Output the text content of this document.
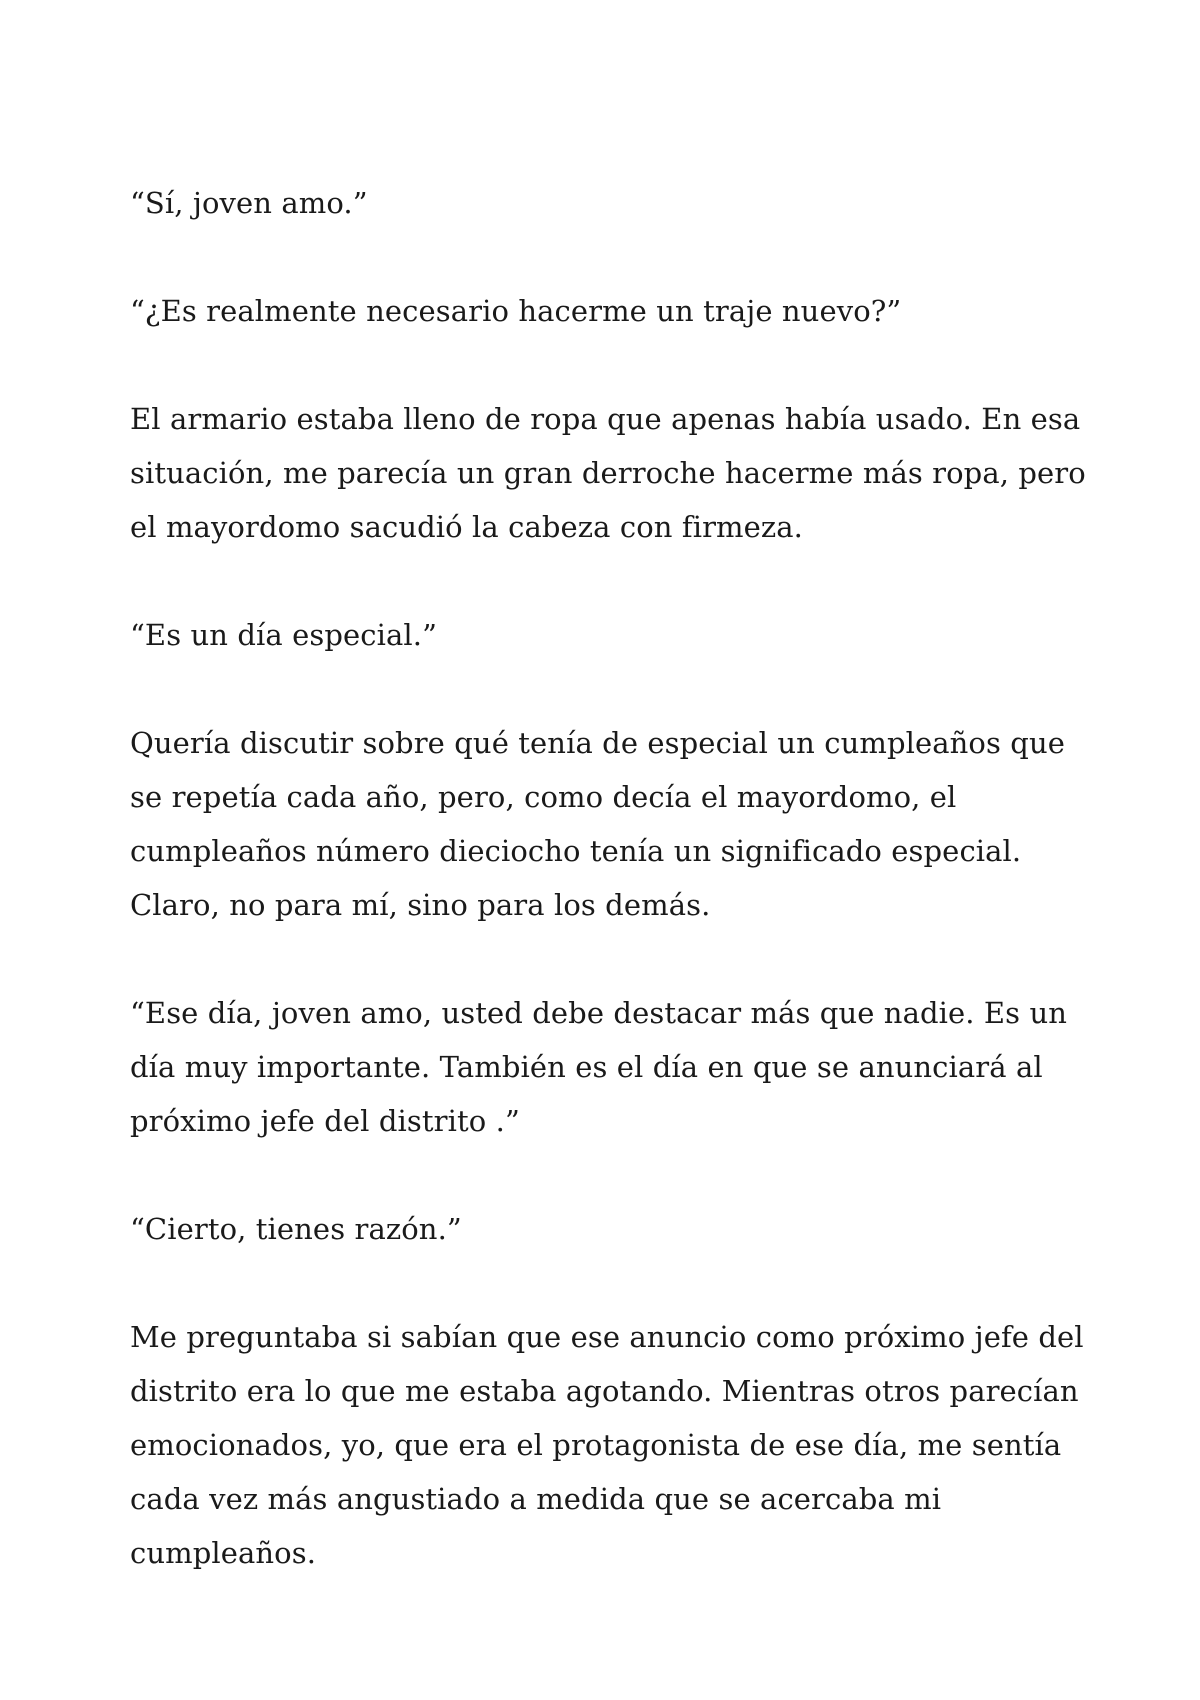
“Sí, joven amo.”

“¿Es realmente necesario hacerme un traje nuevo?”

El armario estaba lleno de ropa que apenas había usado. En esa situación, me parecía un gran derroche hacerme más ropa, pero el mayordomo sacudió la cabeza con firmeza.

“Es un día especial.”

Quería discutir sobre qué tenía de especial un cumpleaños que se repetía cada año, pero, como decía el mayordomo, el cumpleaños número dieciocho tenía un significado especial. Claro, no para mí, sino para los demás.

“Ese día, joven amo, usted debe destacar más que nadie. Es un día muy importante. También es el día en que se anunciará al próximo jefe del distrito .”

“Cierto, tienes razón.”

Me preguntaba si sabían que ese anuncio como próximo jefe del distrito era lo que me estaba agotando. Mientras otros parecían emocionados, yo, que era el protagonista de ese día, me sentía cada vez más angustiado a medida que se acercaba mi cumpleaños.
